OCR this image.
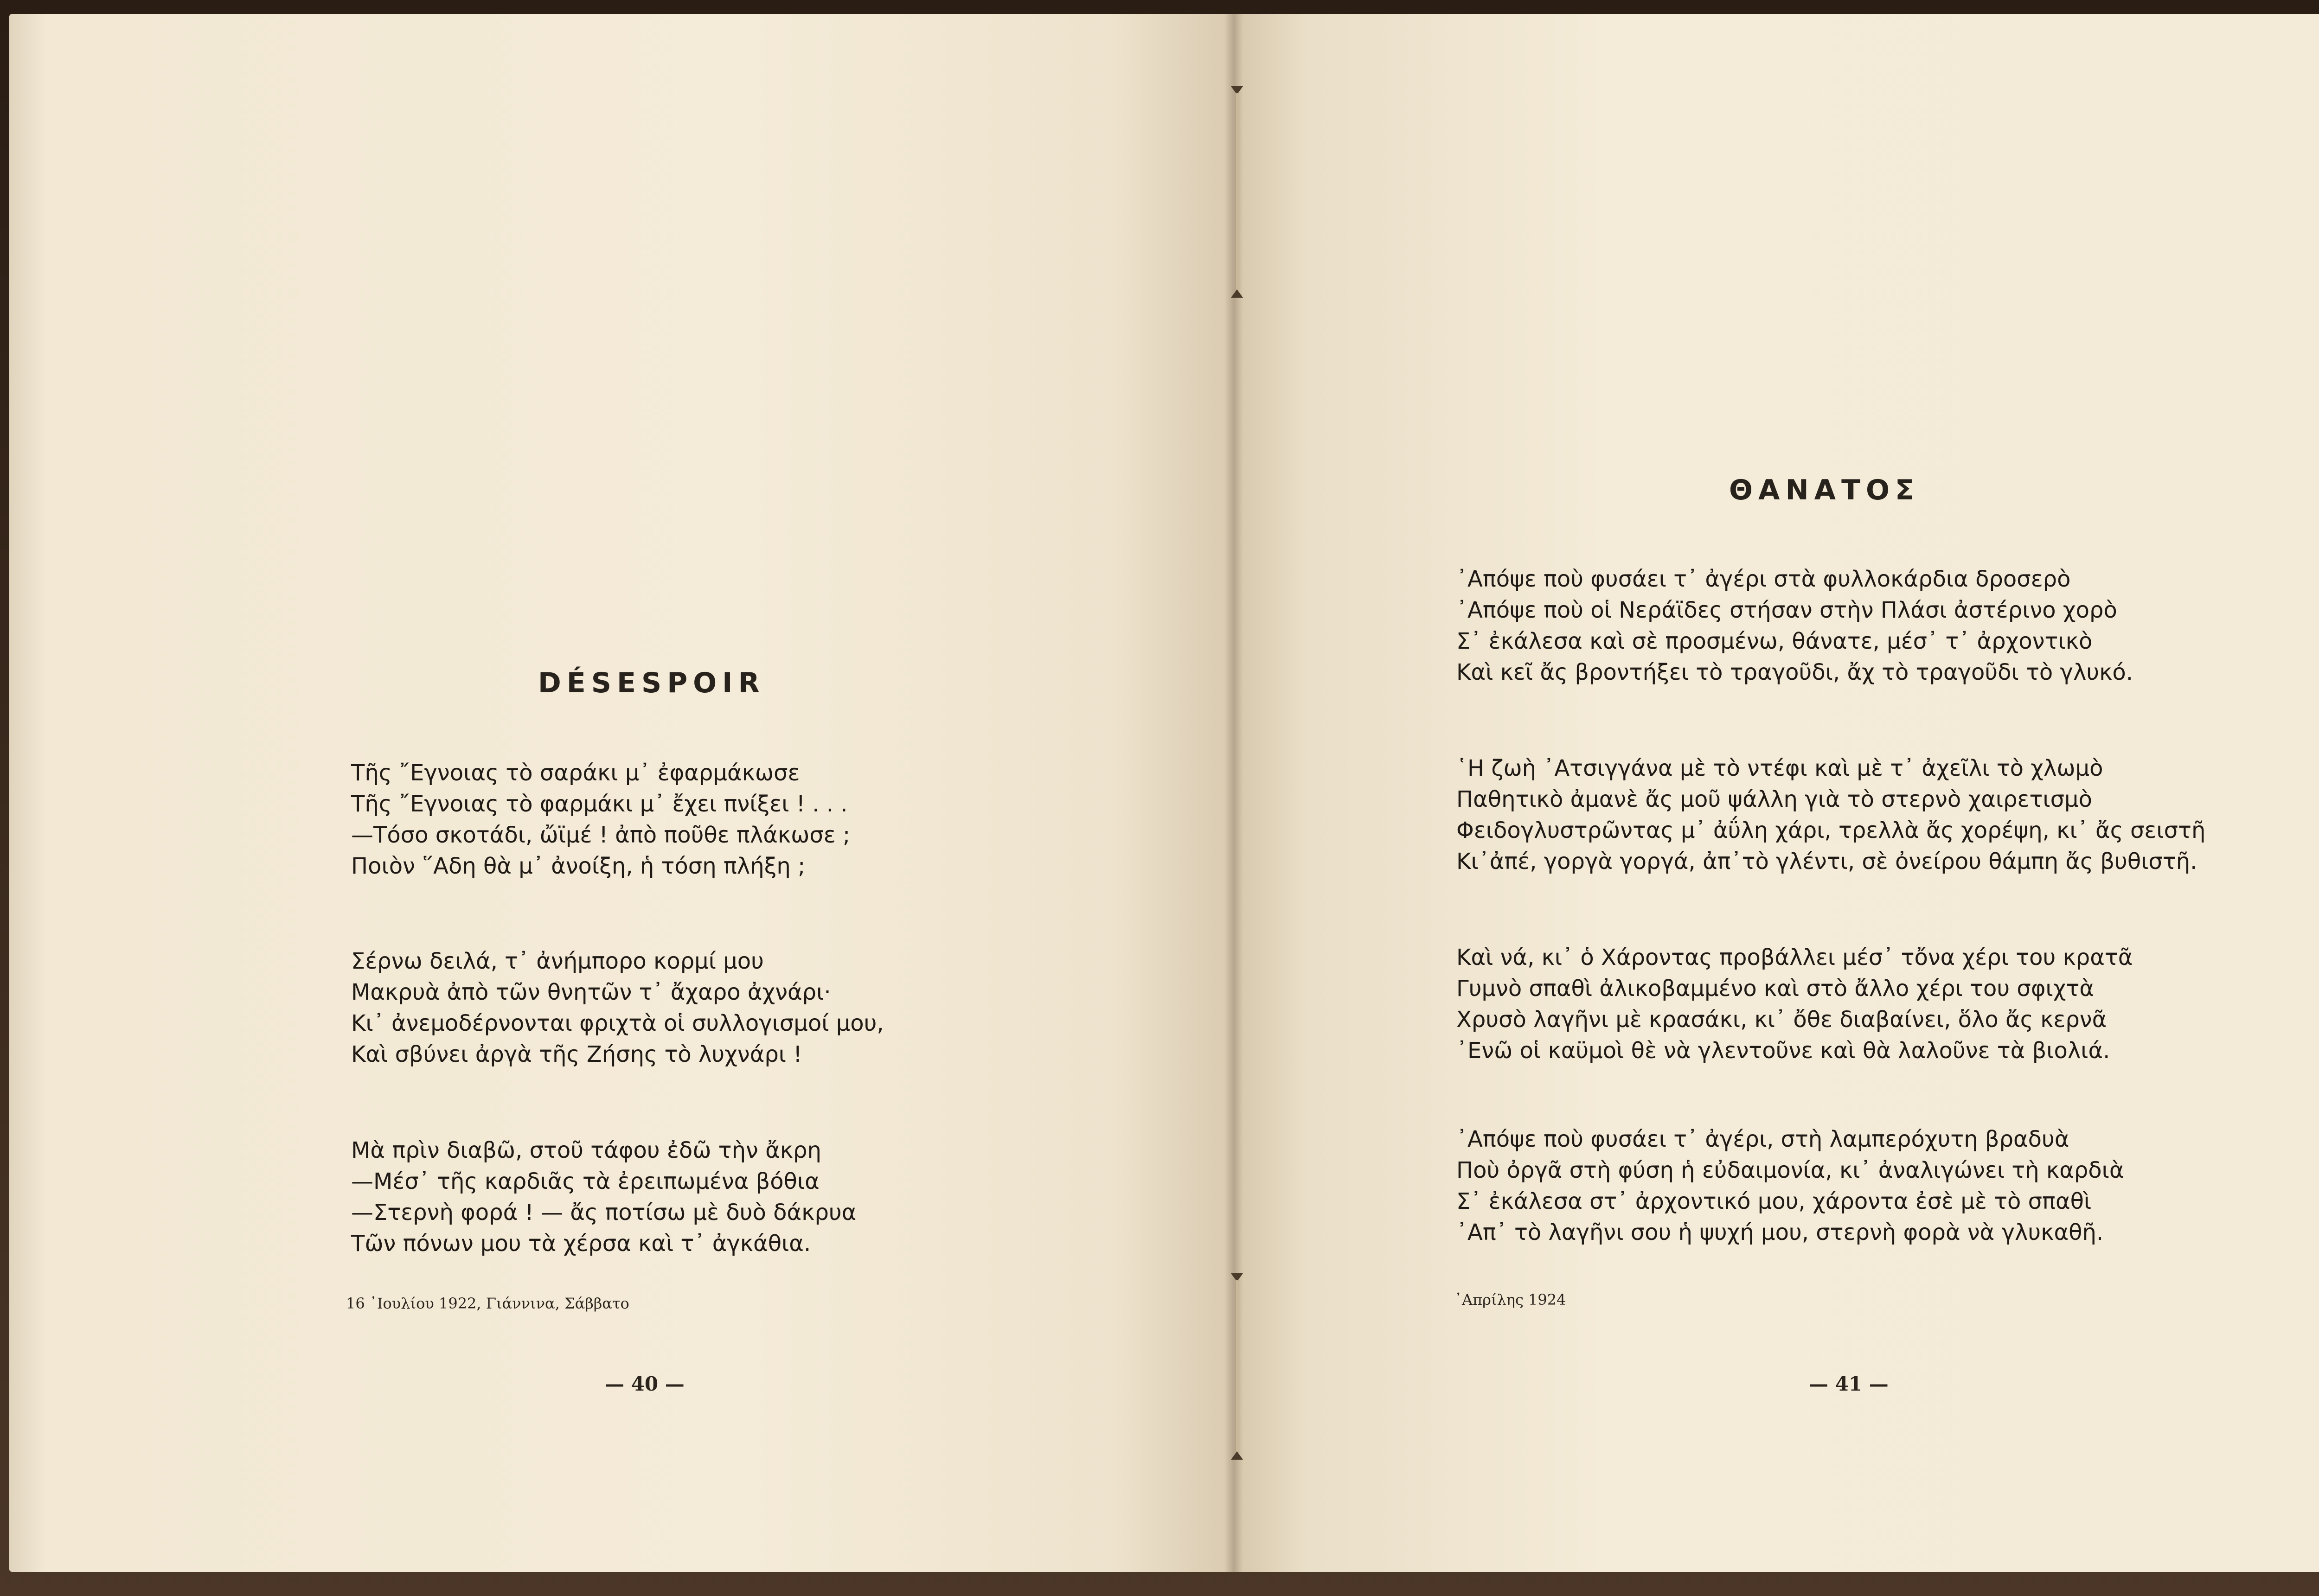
DÉSESPOIR
Τῆς ῎Εγνοιας τὸ σαράκι μ᾿ ἐφαρμάκωσε
Τῆς ῎Εγνοιας τὸ φαρμάκι μ᾿ ἔχει πνίξει ! . . .
—Τόσο σκοτάδι, ὤϊμέ ! ἀπὸ ποῦθε πλάκωσε ;
Ποιὸν ῞Αδη θὰ μ᾿ ἀνοίξη, ἡ τόση πλήξη ;
Σέρνω δειλά, τ᾿ ἀνήμπορο κορμί μου
Μακρυὰ ἀπὸ τῶν θνητῶν τ᾿ ἄχαρο ἀχνάρι·
Κι᾿ ἀνεμοδέρνονται φριχτὰ οἱ συλλογισμοί μου,
Καὶ σβύνει ἀργὰ τῆς Ζήσης τὸ λυχνάρι !
Μὰ πρὶν διαβῶ, στοῦ τάφου ἐδῶ τὴν ἄκρη
—Μέσ᾿ τῆς καρδιᾶς τὰ ἐρειπωμένα βόθια
—Στερνὴ φορά ! — ἄς ποτίσω μὲ δυὸ δάκρυα
Τῶν πόνων μου τὰ χέρσα καὶ τ᾿ ἀγκάθια.
16 ᾿Ιουλίου 1922, Γιάννινα, Σάββατο
— 40 —
ΘΑΝΑΤΟΣ
᾿Απόψε ποὺ φυσάει τ᾿ ἀγέρι στὰ φυλλοκάρδια δροσερὸ
᾿Απόψε ποὺ οἱ Νεράϊδες στήσαν στὴν Πλάσι ἀστέρινο χορὸ
Σ᾿ ἐκάλεσα καὶ σὲ προσμένω, θάνατε, μέσ᾿ τ᾿ ἀρχοντικὸ
Καὶ κεῖ ἄς βροντήξει τὸ τραγοῦδι, ἄχ τὸ τραγοῦδι τὸ γλυκό.
῾Η ζωὴ ᾿Ατσιγγάνα μὲ τὸ ντέφι καὶ μὲ τ᾿ ἀχεῖλι τὸ χλωμὸ
Παθητικὸ ἀμανὲ ἄς μοῦ ψάλλη γιὰ τὸ στερνὸ χαιρετισμὸ
Φειδογλυστρῶντας μ᾿ ἀΰλη χάρι, τρελλὰ ἄς χορέψη, κι᾿ ἄς σειστῆ
Κι᾿ἀπέ, γοργὰ γοργά, ἀπ᾿τὸ γλέντι, σὲ ὀνείρου θάμπη ἄς βυθιστῆ.
Καὶ νά, κι᾿ ὁ Χάροντας προβάλλει μέσ᾿ τὄνα χέρι του κρατᾶ
Γυμνὸ σπαθὶ ἀλικοβαμμένο καὶ στὸ ἄλλο χέρι του σφιχτὰ
Χρυσὸ λαγῆνι μὲ κρασάκι, κι᾿ ὄθε διαβαίνει, ὅλο ἄς κερνᾶ
᾿Ενῶ οἱ καϋμοὶ θὲ νὰ γλεντοῦνε καὶ θὰ λαλοῦνε τὰ βιολιά.
᾿Απόψε ποὺ φυσάει τ᾿ ἀγέρι, στὴ λαμπερόχυτη βραδυὰ
Ποὺ ὀργᾶ στὴ φύση ἡ εὐδαιμονία, κι᾿ ἀναλιγώνει τὴ καρδιὰ
Σ᾿ ἐκάλεσα στ᾿ ἀρχοντικό μου, χάροντα ἐσὲ μὲ τὸ σπαθὶ
᾿Απ᾿ τὸ λαγῆνι σου ἡ ψυχή μου, στερνὴ φορὰ νὰ γλυκαθῆ.
᾿Απρίλης 1924
— 41 —
